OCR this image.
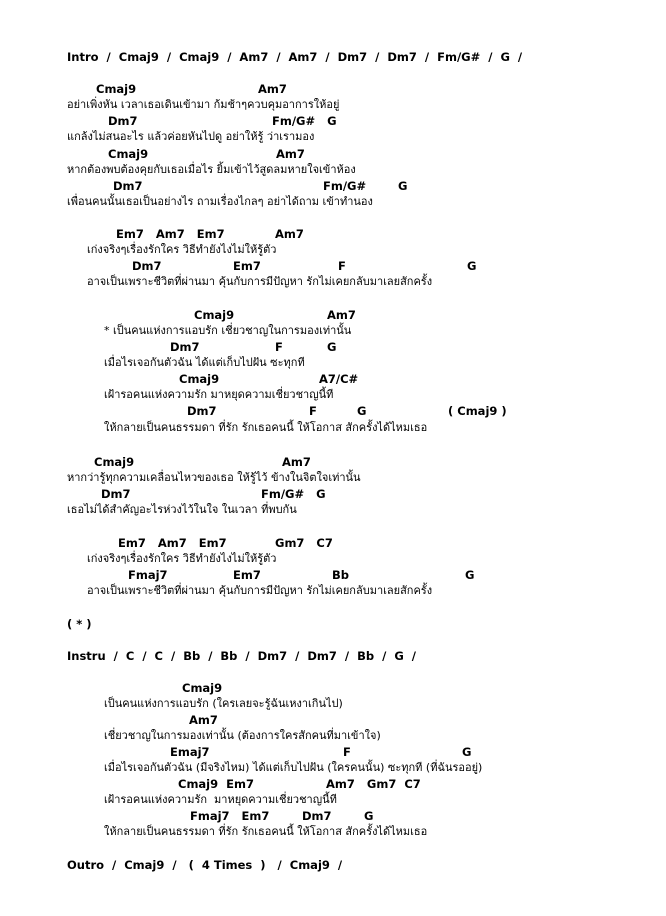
Intro  /  Cmaj9  /  Cmaj9  /  Am7  /  Am7  /  Dm7  /  Dm7  /  Fm/G#  /  G  /
Cmaj9	Am7
อย่าเพิ่งหัน เวลาเธอเดินเข้ามา ก้มช้าๆควบคุมอาการให้อยู่
Dm7	Fm/G#   G
แกล้งไม่สนอะไร แล้วค่อยหันไปดู อย่าให้รู้ ว่าเรามอง
Cmaj9	Am7
หากต้องพบต้องคุยกับเธอเมื่อไร ยิ้มเข้าไว้สูดลมหายใจเข้าห้อง
Dm7	Fm/G#	G
เพื่อนคนนั้นเธอเป็นอย่างไร ถามเรื่องไกลๆ อย่าได้ถาม เข้าทำนอง
Em7   Am7   Em7	Am7
เก่งจริงๆเรื่องรักใคร วิธีทำยังไงไม่ให้รู้ตัว
Dm7	Em7	F	G
อาจเป็นเพราะชีวิตที่ผ่านมา คุ้นกับการมีปัญหา รักไม่เคยกลับมาเลยสักครั้ง
Cmaj9	Am7
* เป็นคนแห่งการแอบรัก เชี่ยวชาญในการมองเท่านั้น
Dm7	F	G
เมื่อไรเจอกันตัวฉัน ได้แต่เก็บไปฝัน ซะทุกที
Cmaj9	A7/C#
เฝ้ารอคนแห่งความรัก มาหยุดความเชี่ยวชาญนี้ที
Dm7	F	G	( Cmaj9 )
ให้กลายเป็นคนธรรมดา ที่รัก รักเธอคนนี้ ให้โอกาส สักครั้งได้ไหมเธอ
Cmaj9	Am7
หากว่ารู้ทุกความเคลื่อนไหวของเธอ ให้รู้ไว้ ข้างในจิตใจเท่านั้น
Dm7	Fm/G#   G
เธอไม่ได้สำคัญอะไรห่วงไว้ในใจ ในเวลา ที่พบกัน
Em7   Am7   Em7	Gm7   C7
เก่งจริงๆเรื่องรักใคร วิธีทำยังไงไม่ให้รู้ตัว
Fmaj7	Em7	Bb	G
อาจเป็นเพราะชีวิตที่ผ่านมา คุ้นกับการมีปัญหา รักไม่เคยกลับมาเลยสักครั้ง
( * )
Instru  /  C  /  C  /  Bb  /  Bb  /  Dm7  /  Dm7  /  Bb  /  G  /
Cmaj9
เป็นคนแห่งการแอบรัก (ใครเลยจะรู้ฉันเหงาเกินไป)
Am7
เชี่ยวชาญในการมองเท่านั้น (ต้องการใครสักคนที่มาเข้าใจ)
Emaj7	F	G
เมื่อไรเจอกันตัวฉัน (มีจริงไหม) ได้แต่เก็บไปฝัน (ใครคนนั้น) ซะทุกที (ที่ฉันรออยู่)
Cmaj9  Em7	Am7   Gm7  C7
เฝ้ารอคนแห่งความรัก  มาหยุดความเชี่ยวชาญนี้ที
Fmaj7   Em7	Dm7	G
ให้กลายเป็นคนธรรมดา ที่รัก รักเธอคนนี้ ให้โอกาส สักครั้งได้ไหมเธอ
Outro  /  Cmaj9  /   (  4 Times  )   /  Cmaj9  /
